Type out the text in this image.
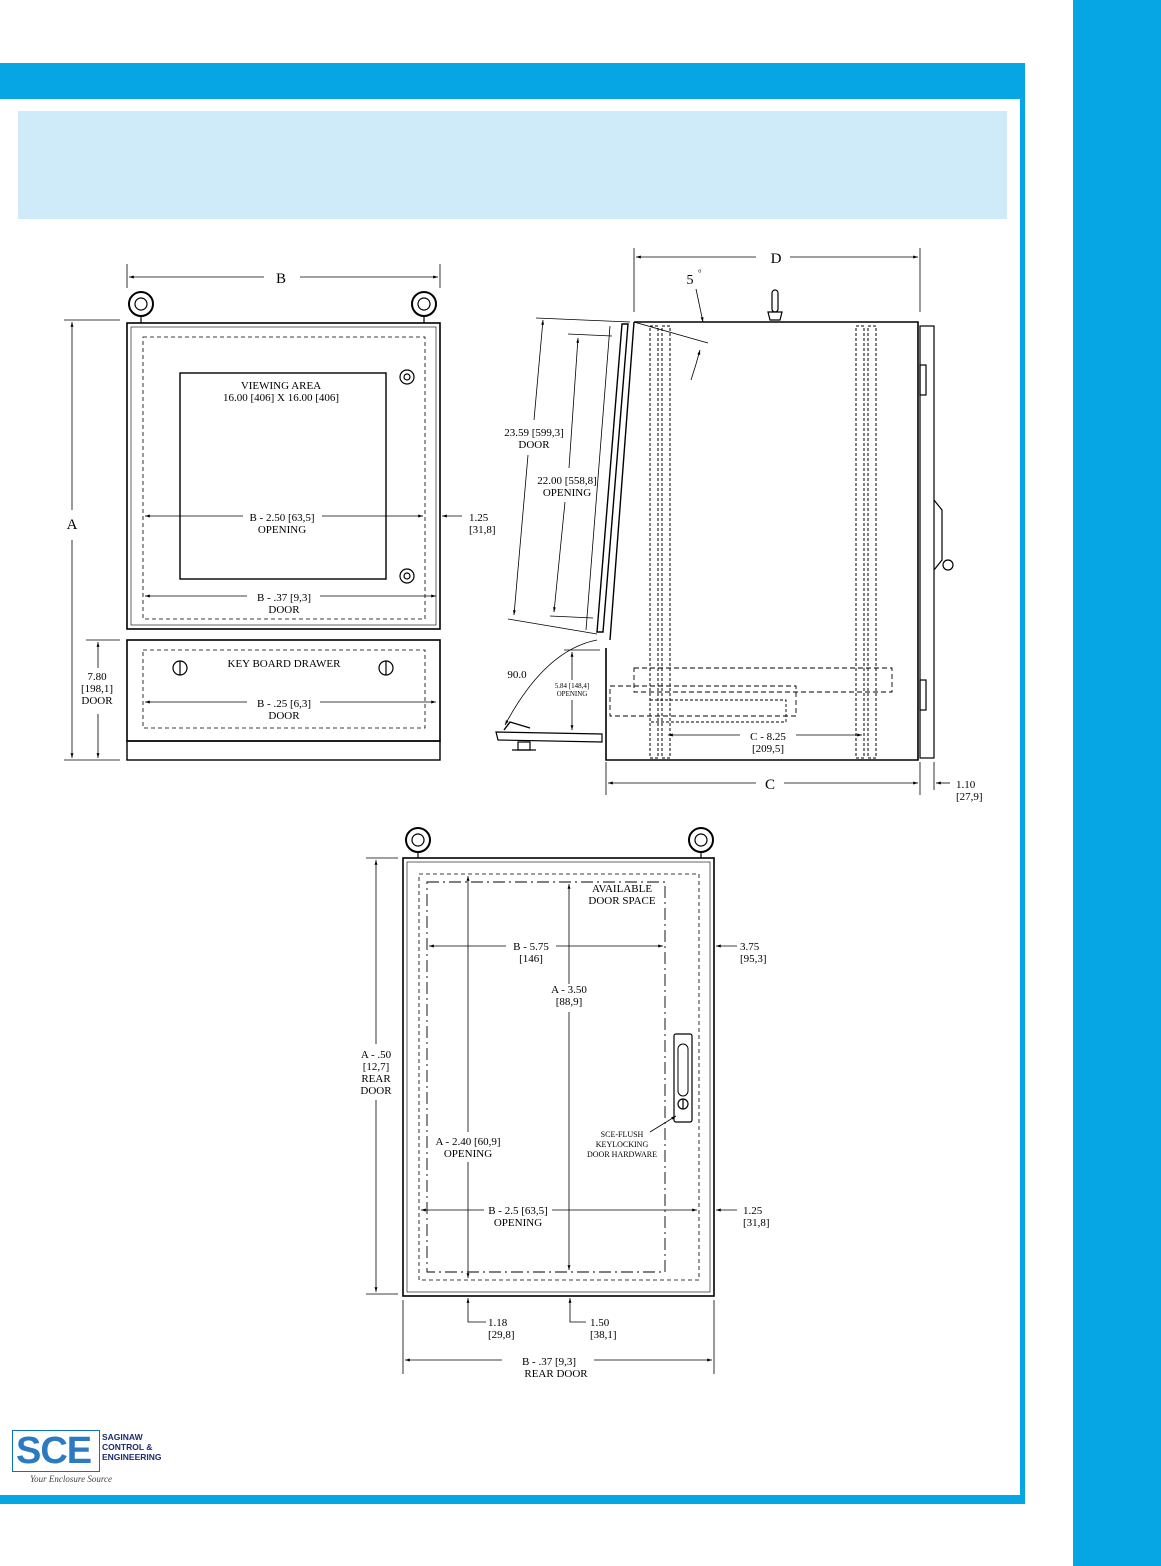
B
A
VIEWING AREA
16.00 [406] X 16.00 [406]
B - 2.50 [63,5]
OPENING
1.25
[31,8]
B - .37 [9,3]
DOOR
KEY BOARD DRAWER
B - .25 [6,3]
DOOR
7.80
[198,1]
DOOR
D
5 °
23.59 [599,3]
DOOR
22.00 [558,8]
OPENING
90.0
5.84 [148,4]
OPENING
C - 8.25
[209,5]
C	1.10
[27,9]
AVAILABLE
DOOR SPACE
B - 5.75
[146]
3.75
[95,3]
A - 3.50
[88,9]
A - .50
[12,7]
REAR
DOOR
A - 2.40 [60,9]
OPENING
SCE-FLUSH
KEYLOCKING
DOOR HARDWARE
B - 2.5 [63,5]
OPENING
1.25
[31,8]
1.18
[29,8]
1.50
[38,1]
B - .37 [9,3]
REAR DOOR
SCE SAGINAW
CONTROL &
ENGINEERING
Your Enclosure Source
